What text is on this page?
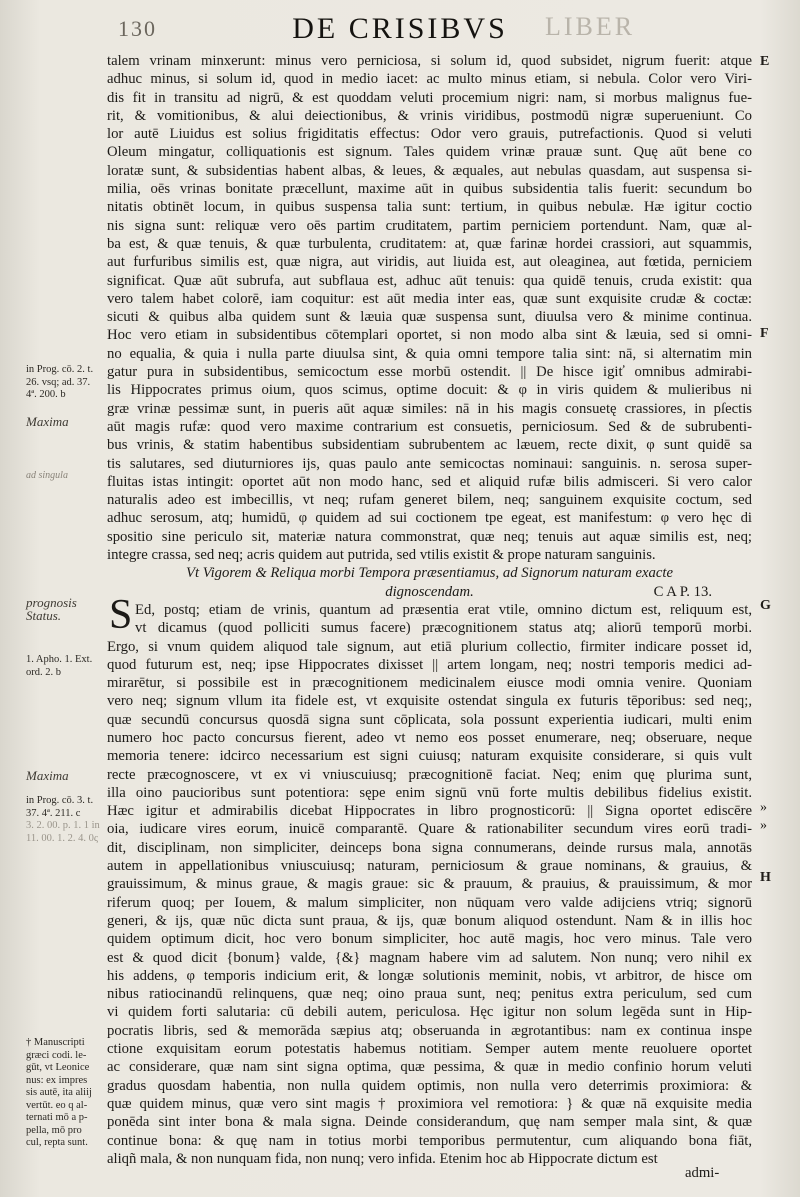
130	DE CRISIBVS	LIBER
talem vrinam minxerunt: minus vero perniciosa, si solum id, quod subsidet, nigrum fuerit: atque
adhuc minus, si solum id, quod in medio iacet: ac multo minus etiam, si nebula. Color vero Viri-
dis fit in transitu ad nigrū, & est quoddam veluti procemium nigri: nam, si morbus malignus fue-
rit, & vomitionibus, & alui deiectionibus, & vrinis viridibus, postmodū nigræ superueniunt. Co
lor autē Liuidus est solius frigiditatis effectus: Odor vero grauis, putrefactionis. Quod si veluti
Oleum mingatur, colliquationis est signum. Tales quidem vrinæ prauæ sunt. Quę aūt bene co
loratæ sunt, & subsidentias habent albas, & leues, & æquales, aut nebulas quasdam, aut suspensa si-
milia, oēs vrinas bonitate præcellunt, maxime aūt in quibus subsidentia talis fuerit: secundum bo
nitatis obtinēt locum, in quibus suspensa talia sunt: tertium, in quibus nebulæ. Hæ igitur coctio
nis signa sunt: reliquæ vero oēs partim cruditatem, partim perniciem portendunt. Nam, quæ al-
ba est, & quæ tenuis, & quæ turbulenta, cruditatem: at, quæ farinæ hordei crassiori, aut squammis,
aut furfuribus similis est, quæ nigra, aut viridis, aut liuida est, aut oleaginea, aut fœtida, perniciem
significat. Quæ aūt subrufa, aut subflaua est, adhuc aūt tenuis: qua quidē tenuis, cruda existit: qua
vero talem habet colorē, iam coquitur: est aūt media inter eas, quæ sunt exquisite crudæ & coctæ:
sicuti & quibus alba quidem sunt & læuia quæ suspensa sunt, diuulsa vero & minime continua.
Hoc vero etiam in subsidentibus cōtemplari oportet, si non modo alba sint & læuia, sed si omni-
no equalia, & quia i nulla parte diuulsa sint, & quia omni tempore talia sint: nā, si alternatim min
gatur pura in subsidentibus, semicoctum esse morbū ostendit. || De hisce igiť omnibus admirabi-
lis Hippocrates primus oium, quos scimus, optime docuit: & φ in viris quidem & mulieribus ni
græ vrinæ pessimæ sunt, in pueris aūt aquæ similes: nā in his magis consuetę crassiores, in pſectis
aūt magis rufæ: quod vero maxime contrarium est consuetis, perniciosum. Sed & de subrubenti-
bus vrinis, & statim habentibus subsidentiam subrubentem ac læuem, recte dixit, φ sunt quidē sa
tis salutares, sed diuturniores ijs, quas paulo ante semicoctas nominaui: sanguinis. n. serosa super-
fluitas istas intingit: oportet aūt non modo hanc, sed et aliquid rufæ bilis admisceri. Si vero calor
naturalis adeo est imbecillis, vt neq; rufam generet bilem, neq; sanguinem exquisite coctum, sed
adhuc serosum, atq; humidū, φ quidem ad sui coctionem tpe egeat, est manifestum: φ vero hęc di
spositio sine periculo sit, materiæ natura commonstrat, quæ neq; tenuis aut aquæ similis est, neq;
integre crassa, sed neq; acris quidem aut putrida, sed vtilis existit & prope naturam sanguinis.
Vt Vigorem & Reliqua morbi Tempora præsentiamus, ad Signorum naturam exacte
dignoscendam.	C A P. 13.
Ed, postq; etiam de vrinis, quantum ad præsentia erat vtile, omnino dictum est, reliquum est,
vt dicamus (quod polliciti sumus facere) præcognitionem status atq; aliorū temporū morbi.
Ergo, si vnum quidem aliquod tale signum, aut etiā plurium collectio, firmiter indicare posset id,
quod futurum est, neq; ipse Hippocrates dixisset || artem longam, neq; nostri temporis medici ad-
mirarētur, si possibile est in præcognitionem medicinalem eiusce modi omnia venire. Quoniam
vero neq; signum vllum ita fidele est, vt exquisite ostendat singula ex futuris tēporibus: sed neq;,
quæ secundū concursus quosdā signa sunt cōplicata, sola possunt experientia iudicari, multi enim
numero hoc pacto concursus fierent, adeo vt nemo eos posset enumerare, neq; obseruare, neque
memoria tenere: idcirco necessarium est signi cuiusq; naturam exquisite considerare, si quis vult
recte præcognoscere, vt ex vi vniuscuiusq; præcognitionē faciat. Neq; enim quę plurima sunt,
illa oino paucioribus sunt potentiora: sępe enim signū vnū forte multis debilibus fidelius existit.
Hæc igitur et admirabilis dicebat Hippocrates in libro prognosticorū: || Signa oportet ediscēre
oia, iudicare vires eorum, inuicē comparantē. Quare & rationabiliter secundum vires eorū tradi-
dit, disciplinam, non simpliciter, deinceps bona signa connumerans, deinde rursus mala, annotās
autem in appellationibus vniuscuiusq; naturam, perniciosum & graue nominans, & grauius, &
grauissimum, & minus graue, & magis graue: sic & prauum, & prauius, & prauissimum, & mor
riferum quoq; per Iouem, & malum simpliciter, non nūquam vero valde adijciens vtriq; signorū
generi, & ijs, quæ nūc dicta sunt praua, & ijs, quæ bonum aliquod ostendunt. Nam & in illis hoc
quidem optimum dicit, hoc vero bonum simpliciter, hoc autē magis, hoc vero minus. Tale vero
est & quod dicit {bonum} valde, {&} magnam habere vim ad salutem. Non nunq; vero nihil ex
his addens, φ temporis indicium erit, & longæ solutionis meminit, nobis, vt arbitror, de hisce om
nibus ratiocinandū relinquens, quæ neq; oino praua sunt, neq; penitus extra periculum, sed cum
vi quidem forti salutaria: cū debili autem, periculosa. Hęc igitur non solum legēda sunt in Hip-
pocratis libris, sed & memorāda sæpius atq; obseruanda in ægrotantibus: nam ex continua inspe
ctione exquisitam eorum potestatis habemus notitiam. Semper autem mente reuoluere oportet
ac considerare, quæ nam sint signa optima, quæ pessima, & quæ in medio confinio horum veluti
gradus quosdam habentia, non nulla quidem optimis, non nulla vero deterrimis proximiora: &
quæ quidem minus, quæ vero sint magis † proximiora vel remotiora: } & quæ nā exquisite media
ponēda sint inter bona & mala signa. Deinde considerandum, quę nam semper mala sint, & quæ
continue bona: & quę nam in totius morbi temporibus permutentur, cum aliquando bona fiāt,
aliqñ mala, & non nunquam fida, non nunq; vero infida. Etenim hoc ab Hippocrate dictum est
S
in Prog. cō. 2. t.
26. vsq; ad. 37.
4ª. 200. b
Maxima
ad singula
prognosis
Status.
1. Apho. 1. Ext.
ord. 2. b
Maxima
in Prog. cō. 3. t.
37. 4ª. 211. c
3. 2. 00. p. 1. 1 in
11. 00. 1. 2. 4. 0ς
† Manuscripti
græci codi. le-
gūt, vt Leonice
nus: ex impres
sis autē, ita aliij
vertūt. eo q al-
ternati mō a p-
pella, mō pro
cul, repta sunt.
E
F
G
»
»
H
admi-
